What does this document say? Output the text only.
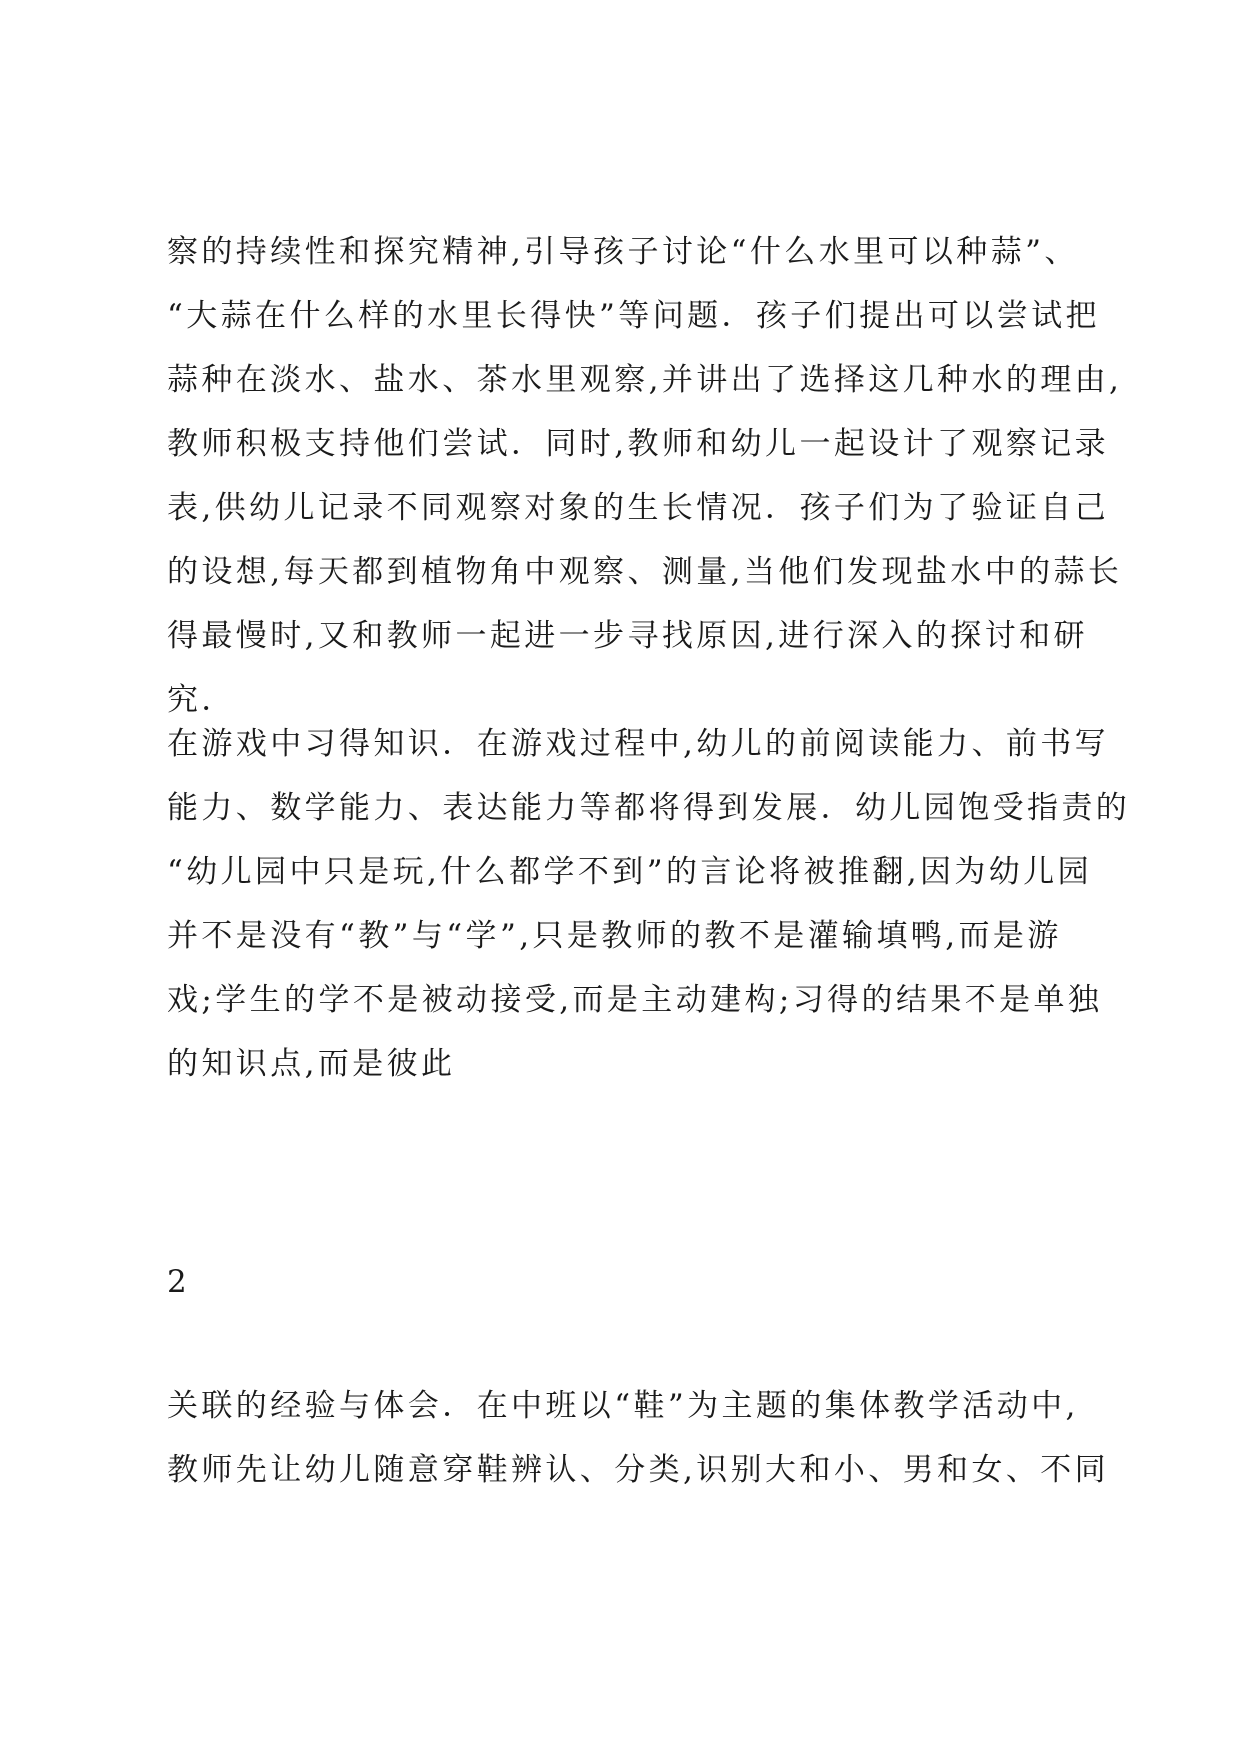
察的持续性和探究精神,引导孩子讨论“什么水里可以种蒜”、
“大蒜在什么样的水里长得快”等问题．孩子们提出可以尝试把
蒜种在淡水、盐水、茶水里观察,并讲出了选择这几种水的理由,
教师积极支持他们尝试．同时,教师和幼儿一起设计了观察记录
表,供幼儿记录不同观察对象的生长情况．孩子们为了验证自己
的设想,每天都到植物角中观察、测量,当他们发现盐水中的蒜长
得最慢时,又和教师一起进一步寻找原因,进行深入的探讨和研
究．
在游戏中习得知识．在游戏过程中,幼儿的前阅读能力、前书写
能力、数学能力、表达能力等都将得到发展．幼儿园饱受指责的
“幼儿园中只是玩,什么都学不到”的言论将被推翻,因为幼儿园
并不是没有“教”与“学”,只是教师的教不是灌输填鸭,而是游
戏;学生的学不是被动接受,而是主动建构;习得的结果不是单独
的知识点,而是彼此
2
关联的经验与体会．在中班以“鞋”为主题的集体教学活动中,
教师先让幼儿随意穿鞋辨认、分类,识别大和小、男和女、不同
